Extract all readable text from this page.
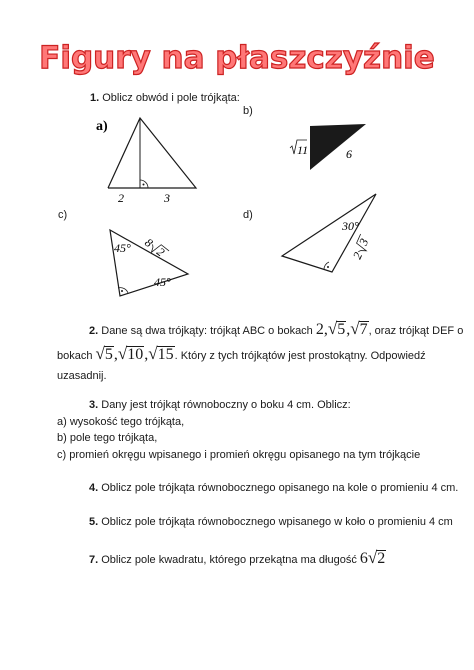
Figury na płaszczyźnie
1. Oblicz obwód i pole trójkąta:
b)
c)	d)
a)
2	3
11	6
45°
45°
8
2
30°
2
3
2. Dane są dwa trójkąty: trójkąt ABC o bokach 2,√5,√7, oraz trójkąt DEF o
bokach √5,√10,√15. Który z tych trójkątów jest prostokątny. Odpowiedź
uzasadnij.
3. Dany jest trójkąt równoboczny o boku 4 cm. Oblicz:
a) wysokość tego trójkąta,
b) pole tego trójkąta,
c) promień okręgu wpisanego i promień okręgu opisanego na tym trójkącie
4. Oblicz pole trójkąta równobocznego opisanego na kole o promieniu 4 cm.
5. Oblicz pole trójkąta równobocznego wpisanego w koło o promieniu 4 cm
7. Oblicz pole kwadratu, którego przekątna ma długość 6√2
